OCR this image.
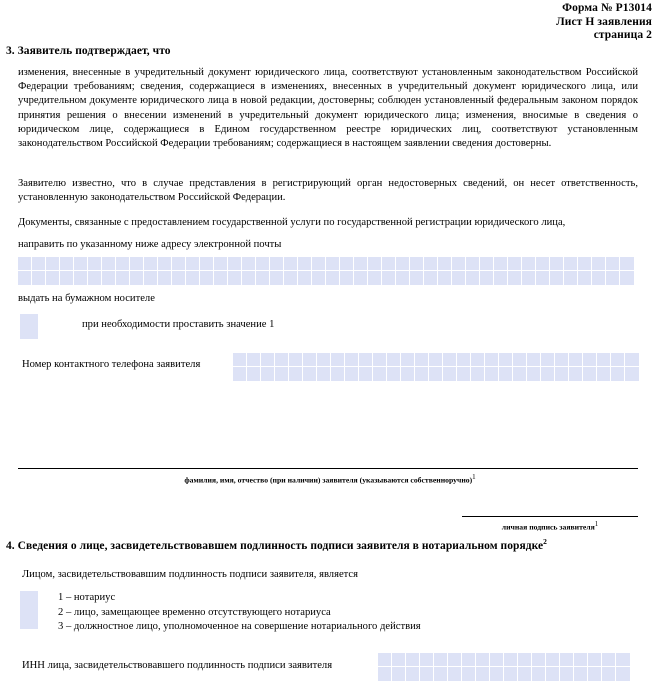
Форма № Р13014
Лист Н заявления
страница 2
3. Заявитель подтверждает, что
изменения, внесенные в учредительный документ юридического лица, соответствуют установленным законодательством Российской Федерации требованиям; сведения, содержащиеся в изменениях, внесенных в учредительный документ юридического лица, или учредительном документе юридического лица в новой редакции, достоверны; соблюден установленный федеральным законом порядок принятия решения о внесении изменений в учредительный документ юридического лица; изменения, вносимые в сведения о юридическом лице, содержащиеся в Едином государственном реестре юридических лиц, соответствуют установленным законодательством Российской Федерации требованиям; содержащиеся в настоящем заявлении сведения достоверны.
Заявителю известно, что в случае представления в регистрирующий орган недостоверных сведений, он несет ответственность, установленную законодательством Российской Федерации.
Документы, связанные с предоставлением государственной услуги по государственной регистрации юридического лица,
направить по указанному ниже адресу электронной почты
выдать на бумажном носителе
при необходимости проставить значение 1
Номер контактного телефона заявителя
фамилия, имя, отчество (при наличии) заявителя (указываются собственноручно)1
личная подпись заявителя1
4. Сведения о лице, засвидетельствовавшем подлинность подписи заявителя в нотариальном порядке$^2$
Лицом, засвидетельствовавшим подлинность подписи заявителя, является
1 – нотариус
2 – лицо, замещающее временно отсутствующего нотариуса
3 – должностное лицо, уполномоченное на совершение нотариального действия
ИНН лица, засвидетельствовавшего подлинность подписи заявителя
